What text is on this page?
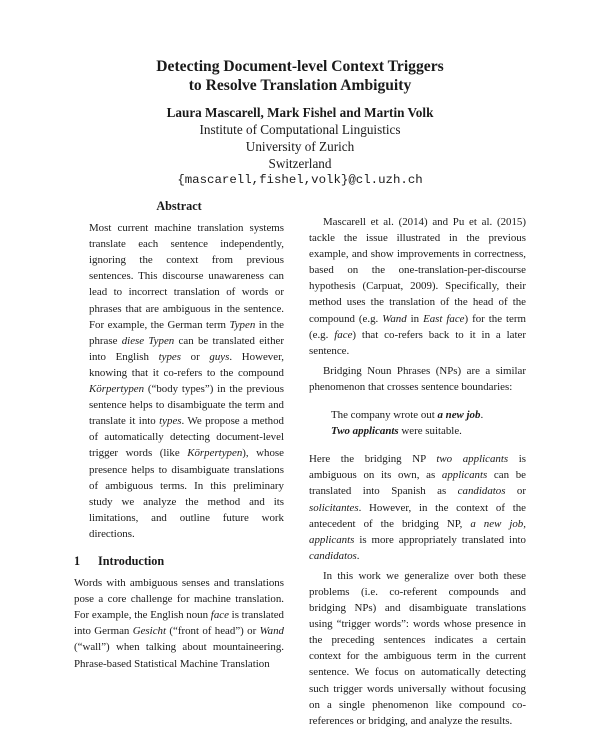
Detecting Document-level Context Triggers
to Resolve Translation Ambiguity
Laura Mascarell, Mark Fishel and Martin Volk
Institute of Computational Linguistics
University of Zurich
Switzerland
{mascarell,fishel,volk}@cl.uzh.ch
Abstract

Most current machine translation systems translate each sentence independently, ignoring the context from previous sentences. This discourse unawareness can lead to incorrect translation of words or phrases that are ambiguous in the sentence. For example, the German term Typen in the phrase diese Typen can be translated either into English types or guys. However, knowing that it co-refers to the compound Körpertypen (“body types”) in the previous sentence helps to disambiguate the term and translate it into types. We propose a method of automatically detecting document-level trigger words (like Körpertypen), whose presence helps to disambiguate translations of ambiguous terms. In this preliminary study we analyze the method and its limitations, and outline future work directions.

1 Introduction

Words with ambiguous senses and translations pose a core challenge for machine translation. For example, the English noun face is translated into German Gesicht (“front of head”) or Wand (“wall”) when talking about mountaineering. Phrase-based Statistical Machine Translation

Mascarell et al. (2014) and Pu et al. (2015) tackle the issue illustrated in the previous example, and show improvements in correctness, based on the one-translation-per-discourse hypothesis (Carpuat, 2009). Specifically, their method uses the translation of the head of the compound (e.g. Wand in East face) for the term (e.g. face) that co-refers back to it in a later sentence.

Bridging Noun Phrases (NPs) are a similar phenomenon that crosses sentence boundaries:

The company wrote out a new job.
Two applicants were suitable.

Here the bridging NP two applicants is ambiguous on its own, as applicants can be translated into Spanish as candidatos or solicitantes. However, in the context of the antecedent of the bridging NP, a new job, applicants is more appropriately translated into candidatos.

In this work we generalize over both these problems (i.e. co-referent compounds and bridging NPs) and disambiguate translations using “trigger words”: words whose presence in the preceding sentences indicates a certain context for the ambiguous term in the current sentence. We focus on automatically detecting such trigger words universally without focusing on a single phenomenon like compound co-references or bridging, and analyze the results.
